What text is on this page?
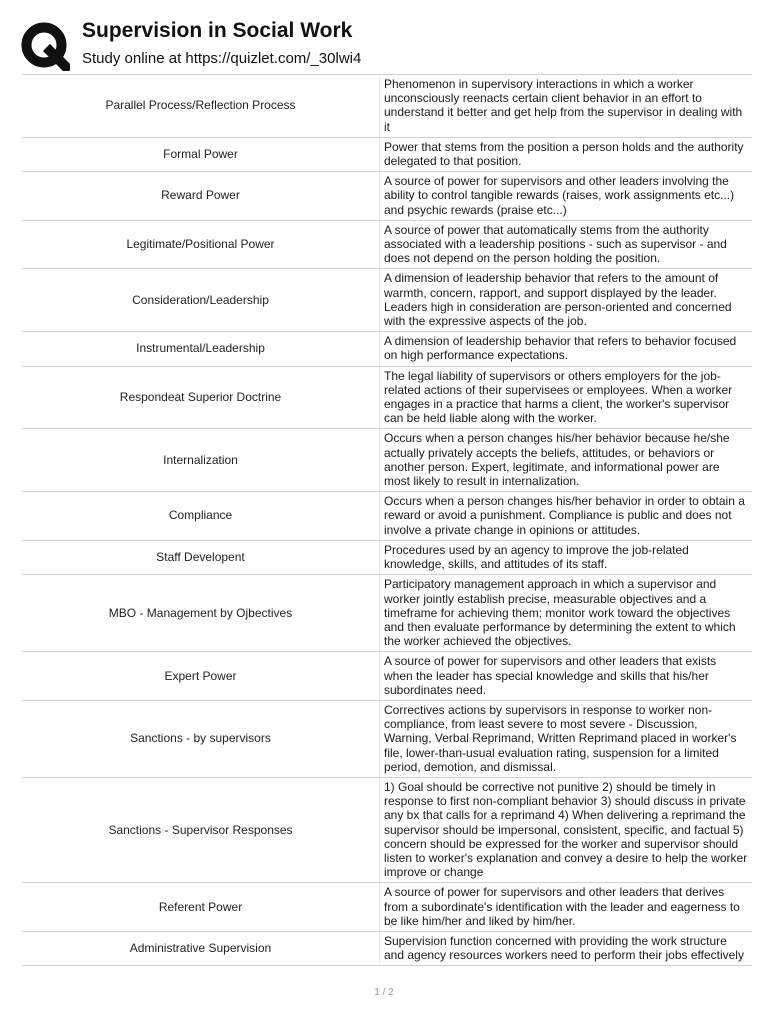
Supervision in Social Work
Study online at https://quizlet.com/_30lwi4
Parallel Process/Reflection Process	Phenomenon in supervisory interactions in which a worker unconsciously reenacts certain client behavior in an effort to understand it better and get help from the supervisor in dealing with it
Formal Power	Power that stems from the position a person holds and the authority delegated to that position.
Reward Power	A source of power for supervisors and other leaders involving the ability to control tangible rewards (raises, work assignments etc...) and psychic rewards (praise etc...)
Legitimate/Positional Power	A source of power that automatically stems from the authority associated with a leadership positions - such as supervisor - and does not depend on the person holding the position.
Consideration/Leadership	A dimension of leadership behavior that refers to the amount of warmth, concern, rapport, and support displayed by the leader. Leaders high in consideration are person-oriented and concerned with the expressive aspects of the job.
Instrumental/Leadership	A dimension of leadership behavior that refers to behavior focused on high performance expectations.
Respondeat Superior Doctrine	The legal liability of supervisors or others employers for the job-related actions of their supervisees or employees. When a worker engages in a practice that harms a client, the worker's supervisor can be held liable along with the worker.
Internalization	Occurs when a person changes his/her behavior because he/she actually privately accepts the beliefs, attitudes, or behaviors or another person. Expert, legitimate, and informational power are most likely to result in internalization.
Compliance	Occurs when a person changes his/her behavior in order to obtain a reward or avoid a punishment. Compliance is public and does not involve a private change in opinions or attitudes.
Staff Developent	Procedures used by an agency to improve the job-related knowledge, skills, and attitudes of its staff.
MBO - Management by Ojbectives	Participatory management approach in which a supervisor and worker jointly establish precise, measurable objectives and a timeframe for achieving them; monitor work toward the objectives and then evaluate performance by determining the extent to which the worker achieved the objectives.
Expert Power	A source of power for supervisors and other leaders that exists when the leader has special knowledge and skills that his/her subordinates need.
Sanctions - by supervisors	Correctives actions by supervisors in response to worker non-compliance, from least severe to most severe - Discussion, Warning, Verbal Reprimand, Written Reprimand placed in worker's file, lower-than-usual evaluation rating, suspension for a limited period, demotion, and dismissal.
Sanctions - Supervisor Responses	1) Goal should be corrective not punitive 2) should be timely in response to first non-compliant behavior 3) should discuss in private any bx that calls for a reprimand 4) When delivering a reprimand the supervisor should be impersonal, consistent, specific, and factual 5) concern should be expressed for the worker and supervisor should listen to worker's explanation and convey a desire to help the worker improve or change
Referent Power	A source of power for supervisors and other leaders that derives from a subordinate's identification with the leader and eagerness to be like him/her and liked by him/her.
Administrative Supervision	Supervision function concerned with providing the work structure and agency resources workers need to perform their jobs effectively
1 / 2
